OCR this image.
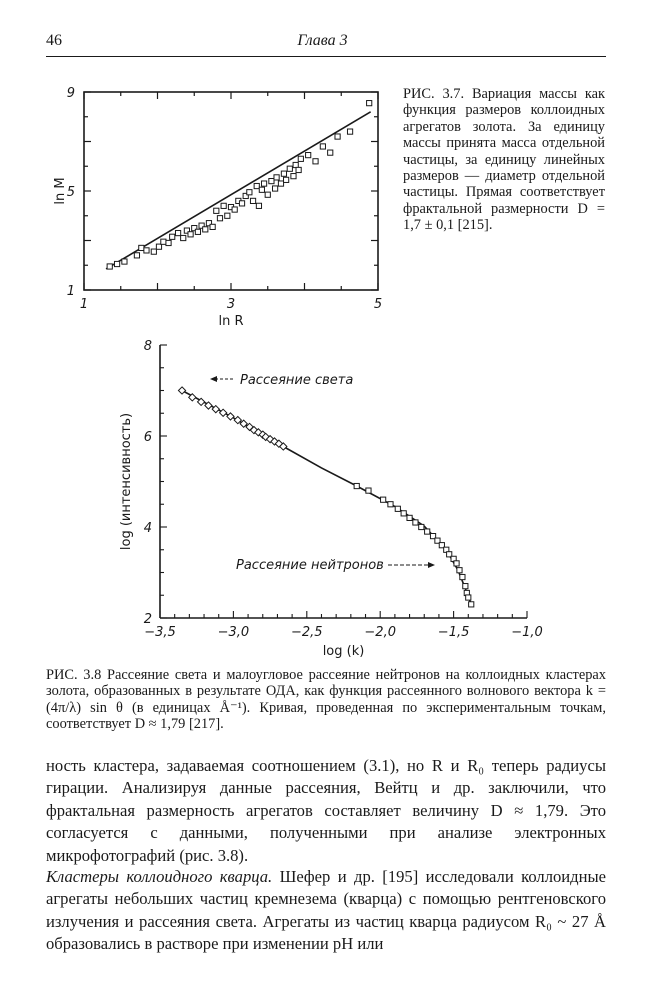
46	Глава 3
1	3	5
1
5
9
ln R
ln M
РИС. 3.7. Вариация массы как функция размеров коллоидных агрегатов золота. За единицу массы принята масса отдельной частицы, за единицу линейных размеров — диаметр отдельной частицы. Прямая соответствует фрактальной размерности D = 1,7 ± 0,1 [215].
−3,5	−3,0	−2,5	−2,0	−1,5	−1,0
2
4
6
8
log (k)
log (интенсивность)
Рассеяние света
Рассеяние нейтронов
РИС. 3.8 Рассеяние света и малоугловое рассеяние нейтронов на коллоидных кластерах золота, образованных в результате ОДА, как функция рассеянного волнового вектора k = (4π/λ) sin θ (в единицах Å⁻¹). Кривая, проведенная по экспериментальным точкам, соответствует D ≈ 1,79 [217].
ность кластера, задаваемая соотношением (3.1), но R и R₀ теперь радиусы гирации. Анализируя данные рассеяния, Вейтц и др. заключили, что фрактальная размерность агрегатов составляет величину D ≈ 1,79. Это согласуется с данными, полученными при анализе электронных микрофотографий (рис. 3.8).
Кластеры коллоидного кварца. Шефер и др. [195] исследовали коллоидные агрегаты небольших частиц кремнезема (кварца) с помощью рентгеновского излучения и рассеяния света. Агрегаты из частиц кварца радиусом R₀ ~ 27 Å образовались в растворе при изменении pH или
